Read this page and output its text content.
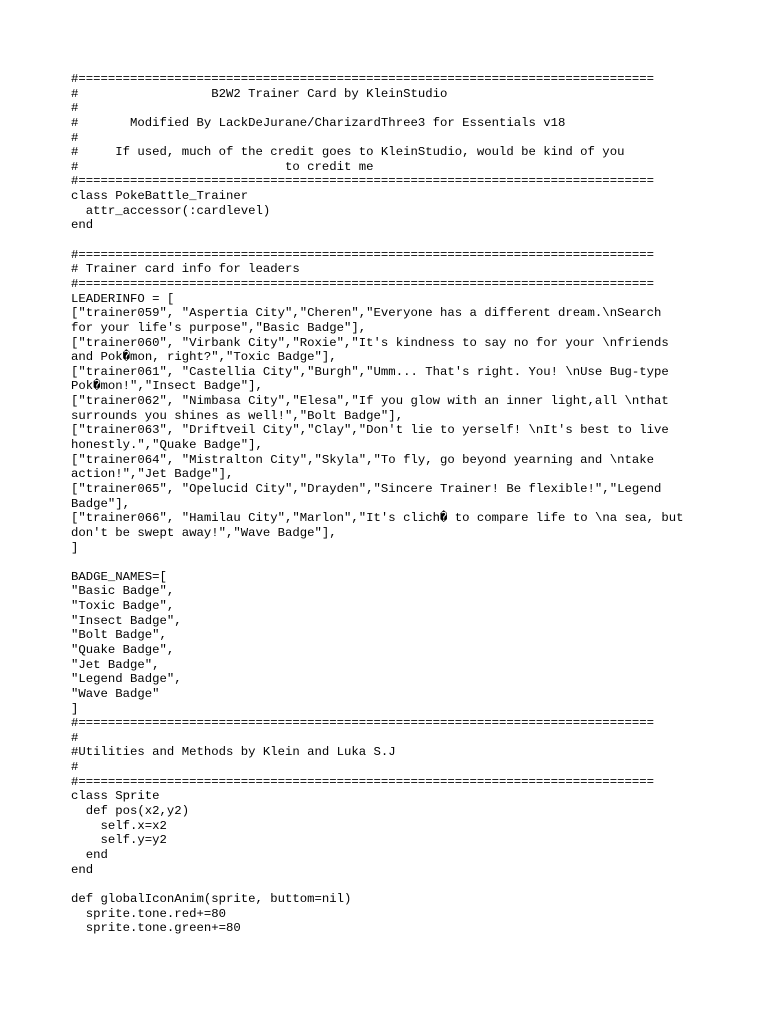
#==============================================================================
#                  B2W2 Trainer Card by KleinStudio
#
#       Modified By LackDeJurane/CharizardThree3 for Essentials v18
#
#     If used, much of the credit goes to KleinStudio, would be kind of you
#                            to credit me
#==============================================================================
class PokeBattle_Trainer
attr_accessor(:cardlevel)
end
#==============================================================================
# Trainer card info for leaders
#==============================================================================
LEADERINFO = [
["trainer059", "Aspertia City","Cheren","Everyone has a different dream.\nSearch
for your life's purpose","Basic Badge"],
["trainer060", "Virbank City","Roxie","It's kindness to say no for your \nfriends
and Pok�mon, right?","Toxic Badge"],
["trainer061", "Castellia City","Burgh","Umm... That's right. You! \nUse Bug-type
Pok�mon!","Insect Badge"],
["trainer062", "Nimbasa City","Elesa","If you glow with an inner light,all \nthat
surrounds you shines as well!","Bolt Badge"],
["trainer063", "Driftveil City","Clay","Don't lie to yerself! \nIt's best to live
honestly.","Quake Badge"],
["trainer064", "Mistralton City","Skyla","To fly, go beyond yearning and \ntake
action!","Jet Badge"],
["trainer065", "Opelucid City","Drayden","Sincere Trainer! Be flexible!","Legend
Badge"],
["trainer066", "Hamilau City","Marlon","It's clich� to compare life to \na sea, but
don't be swept away!","Wave Badge"],
]
BADGE_NAMES=[
"Basic Badge",
"Toxic Badge",
"Insect Badge",
"Bolt Badge",
"Quake Badge",
"Jet Badge",
"Legend Badge",
"Wave Badge"
]
#==============================================================================
#
#Utilities and Methods by Klein and Luka S.J
#
#==============================================================================
class Sprite
def pos(x2,y2)
self.x=x2
self.y=y2
end
end
def globalIconAnim(sprite, buttom=nil)
sprite.tone.red+=80
sprite.tone.green+=80
